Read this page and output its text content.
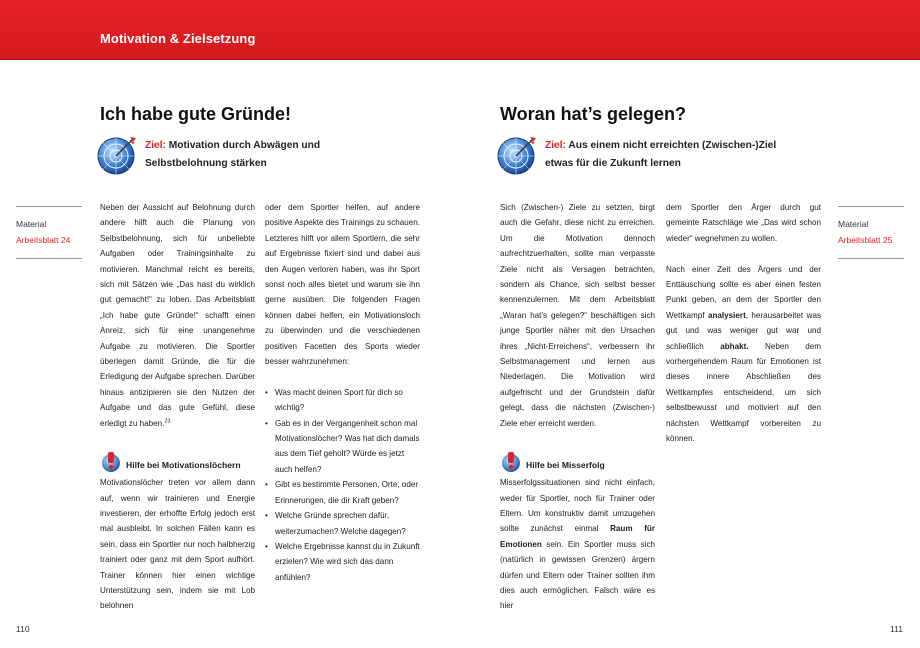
Motivation & Zielsetzung
Ich habe gute Gründe!
Ziel: Motivation durch Abwägen und
Selbstbelohnung stärken
Material
Arbeitsblatt 24

Neben der Aussicht auf Belohnung durch andere hilft auch die Planung von Selbstbelohnung, sich für unbeliebte Aufgaben oder Trainingsinhalte zu motivieren. Manchmal reicht es bereits, sich mit Sätzen wie „Das hast du wirklich gut gemacht!“ zu loben. Das Arbeitsblatt „Ich habe gute Gründe!“ schafft einen Anreiz, sich für eine unangenehme Aufgabe zu motivieren. Die Sportler überlegen damit Gründe, die für die Erledigung der Aufgabe sprechen. Darüber hinaus antizipieren sie den Nutzen der Aufgabe und das gute Gefühl, diese erledigt zu haben.$^{23}$

Hilfe bei Motivationslöchern

Motivationslöcher treten vor allem dann auf, wenn wir trainieren und Energie investieren, der erhoffte Erfolg jedoch erst mal ausbleibt. In solchen Fällen kann es sein, dass ein Sportler nur noch halbherzig trainiert oder ganz mit dem Sport aufhört. Trainer können hier einen wichtige Unterstützung sein, indem sie mit Lob belohnen

oder dem Sportler helfen, auf andere positive Aspekte des Trainings zu schauen. Letzteres hilft vor allem Sportlern, die sehr auf Ergebnisse fixiert sind und dabei aus den Augen verloren haben, was ihr Sport sonst noch alles bietet und warum sie ihn gerne ausüben. Die folgenden Fragen können dabei helfen, ein Motivationsloch zu überwinden und die verschiedenen positiven Facetten des Sports wieder besser wahrzunehmen:

• Was macht deinen Sport für dich so wichtig?
• Gab es in der Vergangenheit schon mal Motivationslöcher? Was hat dich damals aus dem Tief geholt? Würde es jetzt auch helfen?
• Gibt es bestimmte Personen, Orte, oder Erinnerungen, die dir Kraft geben?
• Welche Gründe sprechen dafür, weiterzumachen? Welche dagegen?
• Welche Ergebnisse kannst du in Zukunft erzielen? Wie wird sich das dann anfühlen?
110
Woran hat’s gelegen?
Ziel: Aus einem nicht erreichten (Zwischen-)Ziel
etwas für die Zukunft lernen

Sich (Zwischen-) Ziele zu setzten, birgt auch die Gefahr, diese nicht zu erreichen. Um die Motivation dennoch aufrechtzuerhalten, sollte man verpasste Ziele nicht als Versagen betrachten, sondern als Chance, sich selbst besser kennenzulernen. Mit dem Arbeitsblatt „Waran hat’s gelegen?“ beschäftigen sich junge Sportler näher mit den Ursachen ihres „Nicht-Erreichens“, verbessern ihr Selbstmanagement und lernen aus Niederlagen. Die Motivation wird aufgefrischt und der Grundstein dafür gelegt, dass die nächsten (Zwischen-) Ziele eher erreicht werden.

Hilfe bei Misserfolg

Misserfolgssituationen sind nicht einfach, weder für Sportler, noch für Trainer oder Eltern. Um konstruktiv damit umzugehen sollte zunächst einmal Raum für Emotionen sein. Ein Sportler muss sich (natürlich in gewissen Grenzen) ärgern dürfen und Eltern oder Trainer sollten ihm dies auch ermöglichen. Falsch wäre es hier

dem Sportler den Ärger durch gut gemeinte Ratschläge wie „Das wird schon wieder“ wegnehmen zu wollen.

Nach einer Zeit des Ärgers und der Enttäuschung sollte es aber einen festen Punkt geben, an dem der Sportler den Wettkampf analysiert, herausarbeitet was gut und was weniger gut war und schließlich abhakt. Neben dem vorhergehendem Raum für Emotionen ist dieses innere Abschließen des Wettkampfes entscheidend, um sich selbstbewusst und motiviert auf den nächsten Wettkampf vorbereiten zu können.

Material
Arbeitsblatt 25
111
